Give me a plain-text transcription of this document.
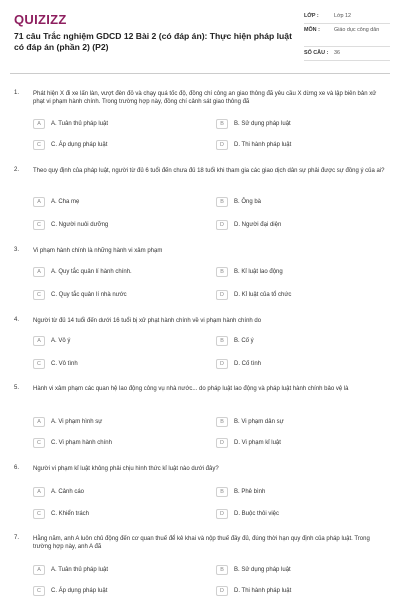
QUIZIZZ
71 câu Trắc nghiệm GDCD 12 Bài 2 (có đáp án): Thực hiện pháp luật có đáp án (phần 2) (P2)
LỚP :	Lớp 12
MÔN :	Giáo dục công dân
SỐ CÂU :	36
1. Phát hiện X đi xe lấn làn, vượt đèn đỏ và chạy quá tốc độ, đồng chí công an giao thông đã yêu cầu X dừng xe và lập biên bản xử phạt vi phạm hành chính. Trong trường hợp này, đồng chí cảnh sát giao thông đã
A	A. Tuân thủ pháp luật	B	B. Sử dụng pháp luật
C	C. Áp dụng pháp luật	D	D. Thi hành pháp luật
2. Theo quy định của pháp luật, người từ đủ 6 tuổi đến chưa đủ 18 tuổi khi tham gia các giao dịch dân sự phải được sự đồng ý của ai?
A	A. Cha mẹ	B	B. Ông bà
C	C. Người nuôi dưỡng	D	D. Người đại diện
3. Vi phạm hành chính là những hành vi xâm phạm
A	A. Quy tắc quản lí hành chính.	B	B. Kỉ luật lao động
C	C. Quy tắc quản lí nhà nước	D	D. Kỉ luật của tổ chức
4. Người từ đủ 14 tuổi đến dưới 16 tuổi bị xử phạt hành chính về vi phạm hành chính do
A	A. Vô ý	B	B. Cố ý
C	C. Vô tình	D	D. Cố tình
5. Hành vi xâm phạm các quan hệ lao động công vụ nhà nước... do pháp luật lao động và pháp luật hành chính bảo vệ là
A	A. Vi phạm hình sự	B	B. Vi phạm dân sự
C	C. Vi phạm hành chính	D	D. Vi phạm kỉ luật
6. Người vi phạm kỉ luật không phải chịu hình thức kỉ luật nào dưới đây?
A	A. Cảnh cáo	B	B. Phê bình
C	C. Khiển trách	D	D. Buộc thôi việc
7. Hằng năm, anh A luôn chủ động đến cơ quan thuế để kê khai và nộp thuế đầy đủ, đúng thời hạn quy định của pháp luật. Trong trường hợp này, anh A đã
A	A. Tuân thủ pháp luật	B	B. Sử dụng pháp luật
C	C. Áp dụng pháp luật	D	D. Thi hành pháp luật
